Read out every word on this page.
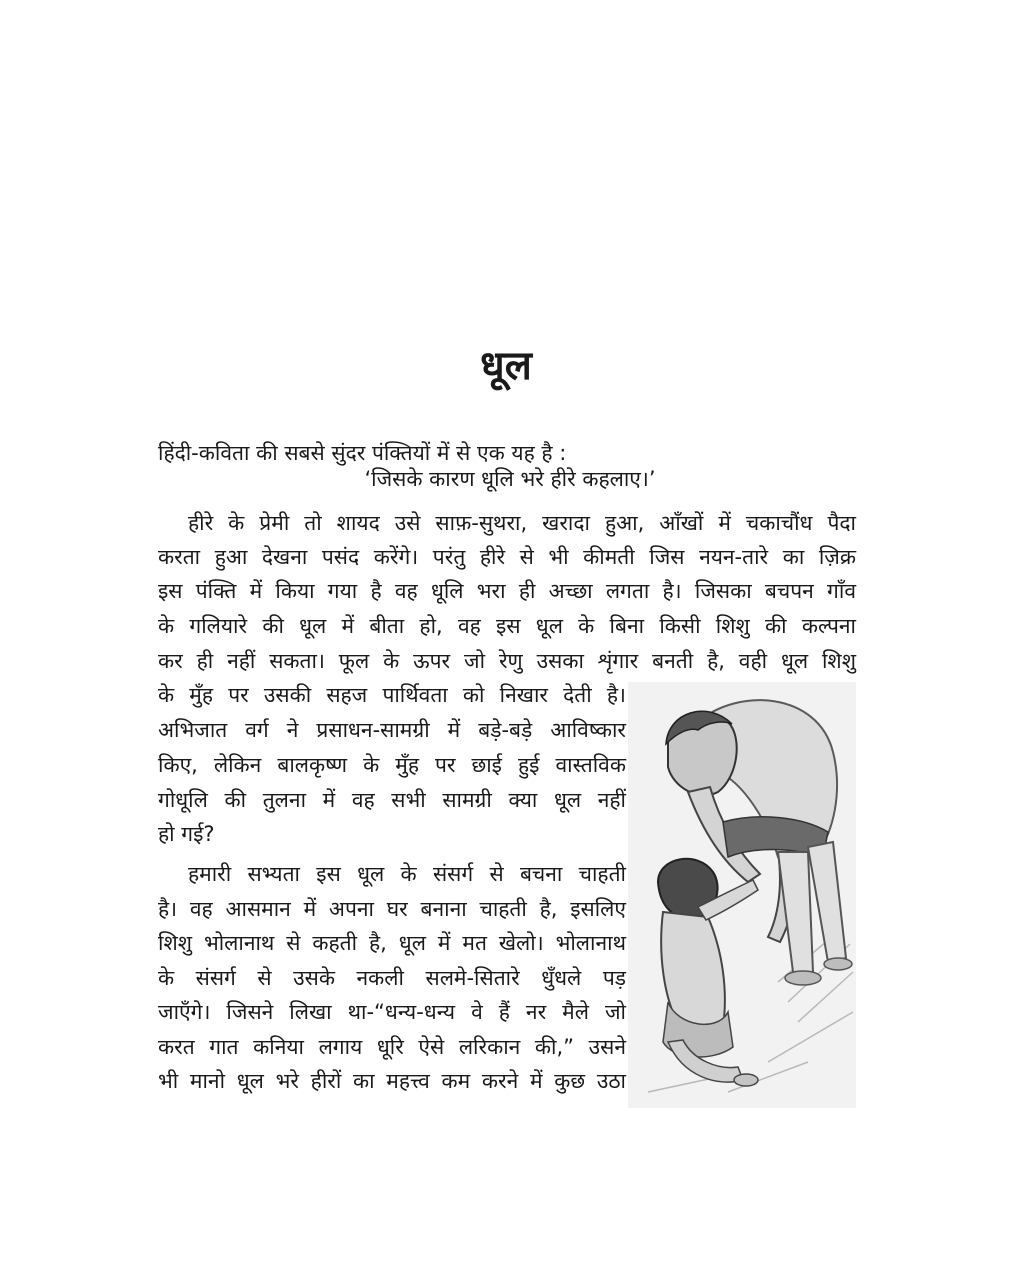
धूल
हिंदी-कविता की सबसे सुंदर पंक्तियों में से एक यह है :
‘जिसके कारण धूलि भरे हीरे कहलाए।’
हीरे के प्रेमी तो शायद उसे साफ़-सुथरा, खरादा हुआ, आँखों में चकाचौंध पैदा
करता हुआ देखना पसंद करेंगे। परंतु हीरे से भी कीमती जिस नयन-तारे का ज़िक्र
इस पंक्ति में किया गया है वह धूलि भरा ही अच्छा लगता है। जिसका बचपन गाँव
के गलियारे की धूल में बीता हो, वह इस धूल के बिना किसी शिशु की कल्पना
कर ही नहीं सकता। फूल के ऊपर जो रेणु उसका शृंगार बनती है, वही धूल शिशु
के मुँह पर उसकी सहज पार्थिवता को निखार देती है।
अभिजात वर्ग ने प्रसाधन-सामग्री में बड़े-बड़े आविष्कार
किए, लेकिन बालकृष्ण के मुँह पर छाई हुई वास्तविक
गोधूलि की तुलना में वह सभी सामग्री क्या धूल नहीं
हो गई?
हमारी सभ्यता इस धूल के संसर्ग से बचना चाहती
है। वह आसमान में अपना घर बनाना चाहती है, इसलिए
शिशु भोलानाथ से कहती है, धूल में मत खेलो। भोलानाथ
के संसर्ग से उसके नकली सलमे-सितारे धुँधले पड़
जाएँगे। जिसने लिखा था-“धन्य-धन्य वे हैं नर मैले जो
करत गात कनिया लगाय धूरि ऐसे लरिकान की,” उसने
भी मानो धूल भरे हीरों का महत्त्व कम करने में कुछ उठा
